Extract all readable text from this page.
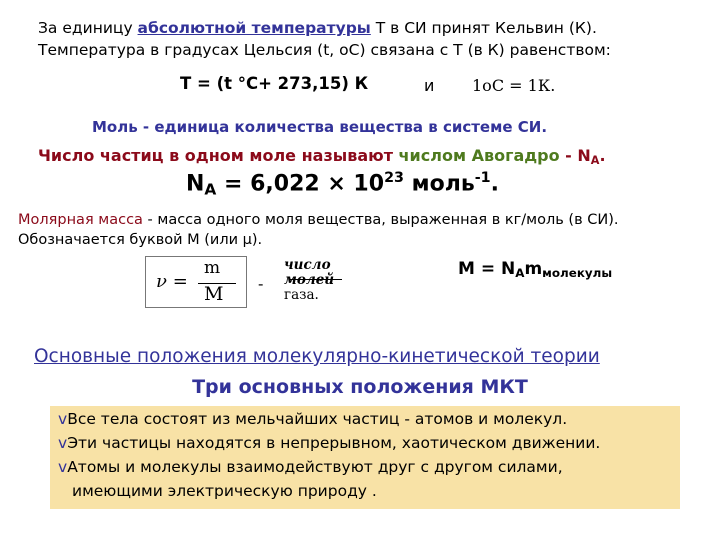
За единицу абсолютной температуры Т в СИ принят Кельвин (К).
Температура в градусах Цельсия (t, оС) связана с Т (в К) равенством:
Т = (t °С+ 273,15) К	и 1оС = 1К.
Моль - единица количества вещества в системе СИ.
Число частиц в одном моле называют числом Авогадро - $N_A$.
$N_A = 6,022 \times 10^{23}$ моль$^{-1}$.
Молярная масса - масса одного моля вещества, выраженная в кг/моль (в СИ).
Обозначается буквой М (или μ).
ν =
m
M -
число
молей
газа.
$М = N_Am_{молекулы}$
Основные положения молекулярно-кинетической теории
Три основных положения МКТ
vВсе тела состоят из мельчайших частиц - атомов и молекул.
vЭти частицы находятся в непрерывном, хаотическом движении.
vАтомы и молекулы взаимодействуют друг с другом силами,
имеющими электрическую природу .
